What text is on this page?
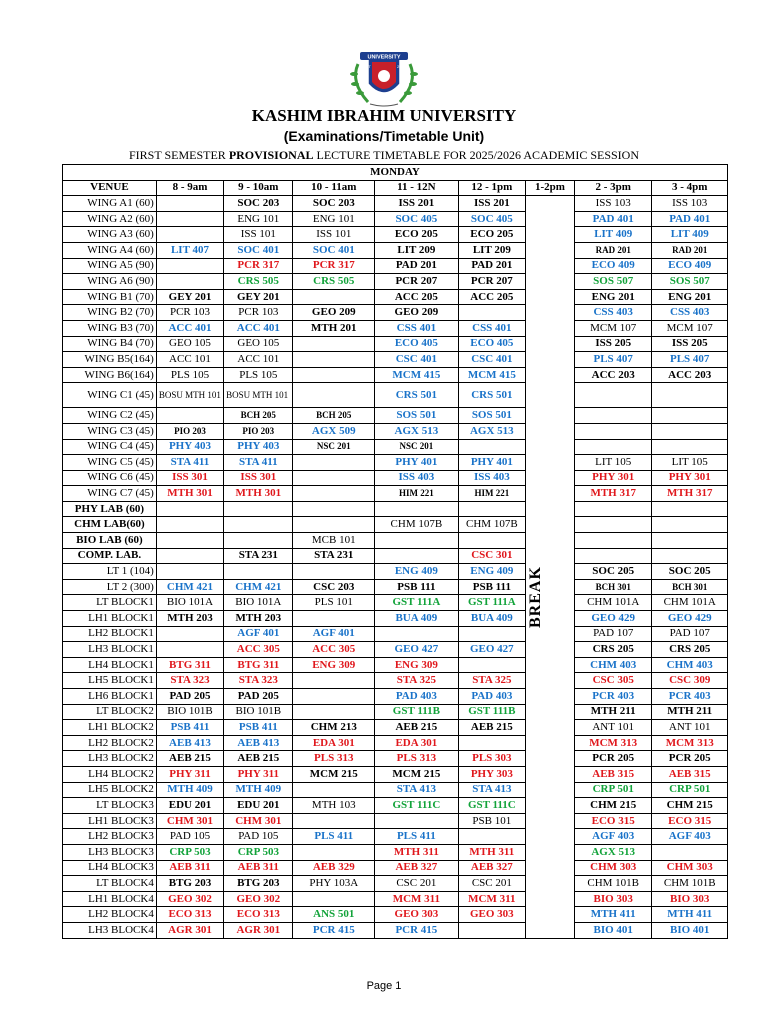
UNIVERSITY
EST	2016
KASHIM IBRAHIM UNIVERSITY
(Examinations/Timetable Unit)
FIRST SEMESTER PROVISIONAL LECTURE TIMETABLE FOR 2025/2026 ACADEMIC SESSION
MONDAY								
VENUE	8 - 9am	9 - 10am	10 - 11am	11 - 12N	12 - 1pm	1-2pm	2 - 3pm	3 - 4pm
WING A1 (60)		SOC 203	SOC 203	ISS 201	ISS 201		ISS 103	ISS 103
WING A2 (60)		ENG 101	ENG 101	SOC 405	SOC 405		PAD 401	PAD 401
WING A3 (60)		ISS 101	ISS 101	ECO 205	ECO 205		LIT 409	LIT 409
WING A4 (60)	LIT 407	SOC 401	SOC 401	LIT 209	LIT 209		RAD 201	RAD 201
WING A5 (90)		PCR 317	PCR 317	PAD 201	PAD 201		ECO 409	ECO 409
WING A6 (90)		CRS 505	CRS 505	PCR 207	PCR 207		SOS 507	SOS 507
WING B1 (70)	GEY 201	GEY 201		ACC 205	ACC 205		ENG 201	ENG 201
WING B2 (70)	PCR 103	PCR 103	GEO 209	GEO 209			CSS 403	CSS 403
WING B3 (70)	ACC 401	ACC 401	MTH 201	CSS 401	CSS 401		MCM 107	MCM 107
WING B4 (70)	GEO 105	GEO 105		ECO 405	ECO 405		ISS 205	ISS 205
WING B5(164)	ACC 101	ACC 101		CSC 401	CSC 401		PLS 407	PLS 407
WING B6(164)	PLS 105	PLS 105		MCM 415	MCM 415		ACC 203	ACC 203
WING C1 (45)	BOSU MTH 101	BOSU MTH 101		CRS 501	CRS 501			
WING C2 (45)		BCH 205	BCH 205	SOS 501	SOS 501			
WING C3 (45)	PIO 203	PIO 203	AGX 509	AGX 513	AGX 513			
WING C4 (45)	PHY 403	PHY 403	NSC 201	NSC 201				
WING C5 (45)	STA 411	STA 411		PHY 401	PHY 401		LIT 105	LIT 105
WING C6 (45)	ISS 301	ISS 301		ISS 403	ISS 403		PHY 301	PHY 301
WING C7 (45)	MTH 301	MTH 301		HIM 221	HIM 221		MTH 317	MTH 317
PHY LAB (60)								
CHM LAB(60)				CHM 107B	CHM 107B			
BIO LAB (60)			MCB 101					
COMP. LAB.		STA 231	STA 231		CSC 301			
LT 1 (104)				ENG 409	ENG 409		SOC 205	SOC 205
LT 2 (300)	CHM 421	CHM 421	CSC 203	PSB 111	PSB 111		BCH 301	BCH 301
LT BLOCK1	BIO 101A	BIO 101A	PLS 101	GST 111A	GST 111A		CHM 101A	CHM 101A
LH1 BLOCK1	MTH 203	MTH 203		BUA 409	BUA 409		GEO 429	GEO 429
LH2 BLOCK1		AGF 401	AGF 401				PAD 107	PAD 107
LH3 BLOCK1		ACC 305	ACC 305	GEO 427	GEO 427		CRS 205	CRS 205
LH4 BLOCK1	BTG 311	BTG 311	ENG 309	ENG 309			CHM 403	CHM 403
LH5 BLOCK1	STA 323	STA 323		STA 325	STA 325		CSC 305	CSC 309
LH6 BLOCK1	PAD 205	PAD 205		PAD 403	PAD 403		PCR 403	PCR 403
LT BLOCK2	BIO 101B	BIO 101B		GST 111B	GST 111B		MTH 211	MTH 211
LH1 BLOCK2	PSB 411	PSB 411	CHM 213	AEB 215	AEB 215		ANT 101	ANT 101
LH2 BLOCK2	AEB 413	AEB 413	EDA 301	EDA 301			MCM 313	MCM 313
LH3 BLOCK2	AEB 215	AEB 215	PLS 313	PLS 313	PLS 303		PCR 205	PCR 205
LH4 BLOCK2	PHY 311	PHY 311	MCM 215	MCM 215	PHY 303		AEB 315	AEB 315
LH5 BLOCK2	MTH 409	MTH 409		STA 413	STA 413		CRP 501	CRP 501
LT BLOCK3	EDU 201	EDU 201	MTH 103	GST 111C	GST 111C		CHM 215	CHM 215
LH1 BLOCK3	CHM 301	CHM 301			PSB 101		ECO 315	ECO 315
LH2 BLOCK3	PAD 105	PAD 105	PLS 411	PLS 411			AGF 403	AGF 403
LH3 BLOCK3	CRP 503	CRP 503		MTH 311	MTH 311		AGX 513	
LH4 BLOCK3	AEB 311	AEB 311	AEB 329	AEB 327	AEB 327		CHM 303	CHM 303
LT BLOCK4	BTG 203	BTG 203	PHY 103A	CSC 201	CSC 201		CHM 101B	CHM 101B
LH1 BLOCK4	GEO 302	GEO 302		MCM 311	MCM 311		BIO 303	BIO 303
LH2 BLOCK4	ECO 313	ECO 313	ANS 501	GEO 303	GEO 303		MTH 411	MTH 411
LH3 BLOCK4	AGR 301	AGR 301	PCR 415	PCR 415			BIO 401	BIO 401
BREAK
Page 1
